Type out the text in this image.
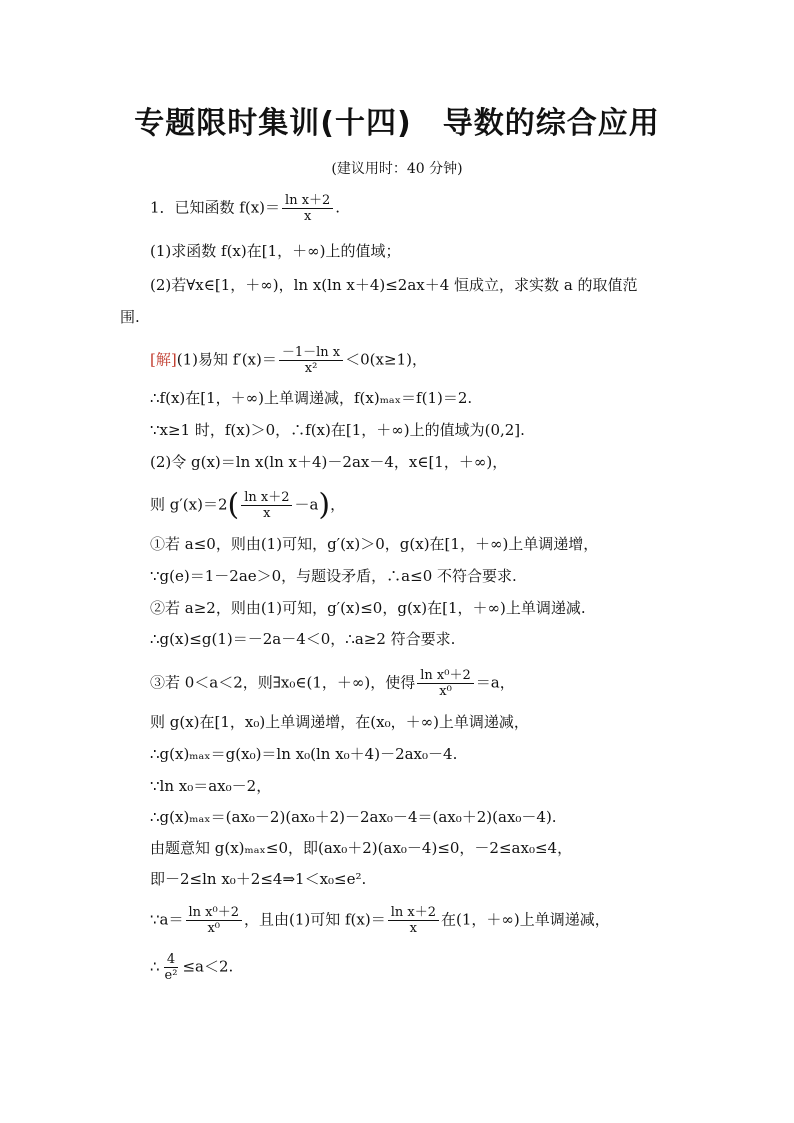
专题限时集训(十四)　导数的综合应用
(建议用时：40 分钟)
1．已知函数 $f(x)= \frac{\text{ln x＋2}}{x}$ .
(1)求函数 f(x)在[1，＋∞)上的值域；
(2)若∀x∈[1，＋∞)，ln x(ln x＋4)≤2ax＋4 恒成立，求实数 a 的取值范
围.
[解](1)易知 $f'(x)= \frac{\text{－1－ln x}}{\text{x²}} <0(x\ge 1)$，
∴f(x)在[1，＋∞)上单调递减，f(x)ₘₐₓ＝f(1)＝2.
∵x≥1 时，f(x)＞0，∴f(x)在[1，＋∞)上的值域为(0,2].
(2)令 g(x)＝ln x(ln x＋4)－2ax－4，x∈[1，＋∞)，
则 $g'(x)=2( \frac{\text{ln x＋2}}{x} -a)$，
①若 a≤0，则由(1)可知，g′(x)＞0，g(x)在[1，＋∞)上单调递增，
∵g(e)＝1－2ae＞0，与题设矛盾，∴a≤0 不符合要求.
②若 a≥2，则由(1)可知，g′(x)≤0，g(x)在[1，＋∞)上单调递减.
∴g(x)≤g(1)＝－2a－4＜0，∴a≥2 符合要求.
③若 0＜a＜2，则∃x₀∈(1，＋∞)，使得 $\frac{\text{ln x⁰＋2}}{\text{x⁰}} =a$，
则 g(x)在[1，x₀)上单调递增，在(x₀，＋∞)上单调递减，
∴g(x)ₘₐₓ＝g(x₀)＝ln x₀(ln x₀＋4)－2ax₀－4.
∵ln x₀＝ax₀－2，
∴g(x)ₘₐₓ＝(ax₀－2)(ax₀＋2)－2ax₀－4＝(ax₀＋2)(ax₀－4).
由题意知 g(x)ₘₐₓ≤0，即(ax₀＋2)(ax₀－4)≤0，－2≤ax₀≤4，
即－2≤ln x₀＋2≤4⇒1＜x₀≤e².
∵a＝ $\frac{\text{ln x⁰＋2}}{\text{x⁰}}$ ，且由(1)可知 $f(x)= \frac{\text{ln x＋2}}{x}$ 在(1，＋∞)上单调递减，
∴ $\frac{4}{\text{e²}} \le a<2$.
